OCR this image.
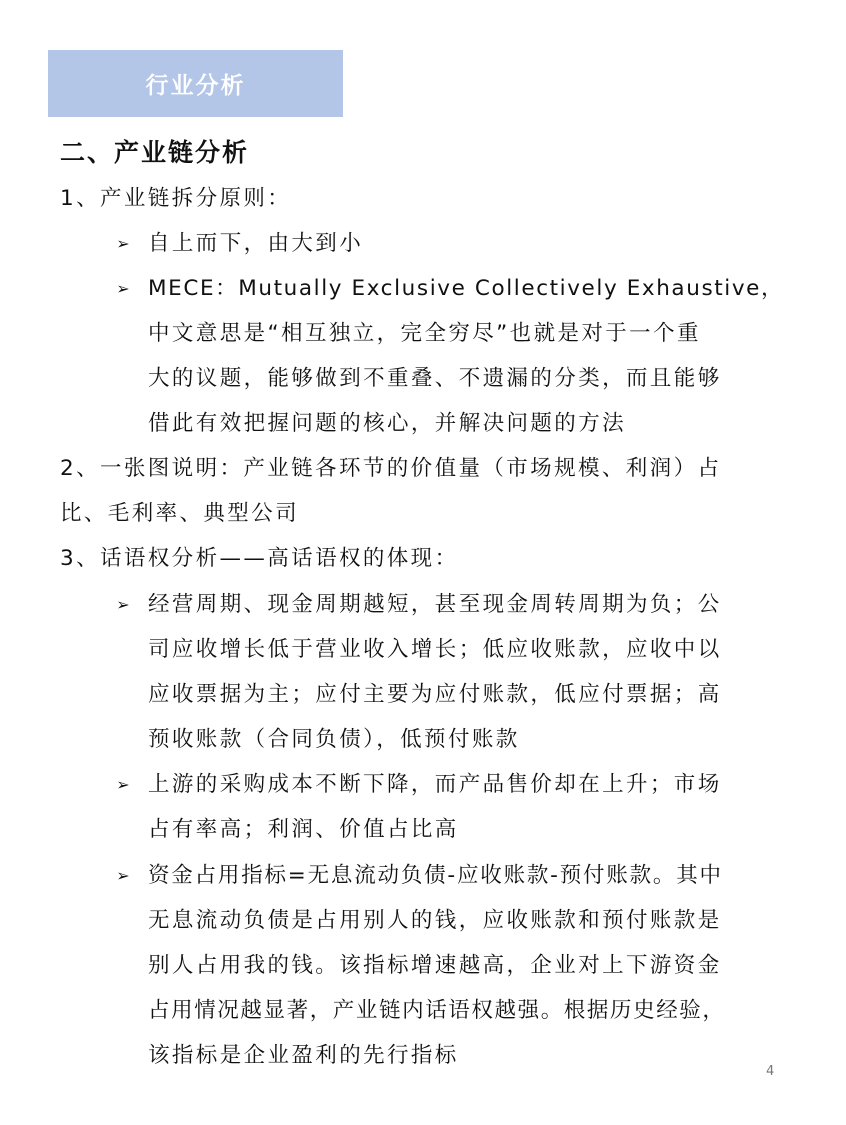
行业分析
二、产业链分析
1、产业链拆分原则：
➢ 自上而下，由大到小
➢ MECE：Mutually Exclusive Collectively Exhaustive，
中文意思是“相互独立，完全穷尽”也就是对于一个重
大的议题，能够做到不重叠、不遗漏的分类，而且能够
借此有效把握问题的核心，并解决问题的方法
2、一张图说明：产业链各环节的价值量（市场规模、利润）占
比、毛利率、典型公司
3、话语权分析——高话语权的体现：
➢ 经营周期、现金周期越短，甚至现金周转周期为负；公
司应收增长低于营业收入增长；低应收账款，应收中以
应收票据为主；应付主要为应付账款，低应付票据；高
预收账款（合同负债），低预付账款
➢ 上游的采购成本不断下降，而产品售价却在上升；市场
占有率高；利润、价值占比高
➢ 资金占用指标=无息流动负债-应收账款-预付账款。其中
无息流动负债是占用别人的钱，应收账款和预付账款是
别人占用我的钱。该指标增速越高，企业对上下游资金
占用情况越显著，产业链内话语权越强。根据历史经验，
该指标是企业盈利的先行指标
4
